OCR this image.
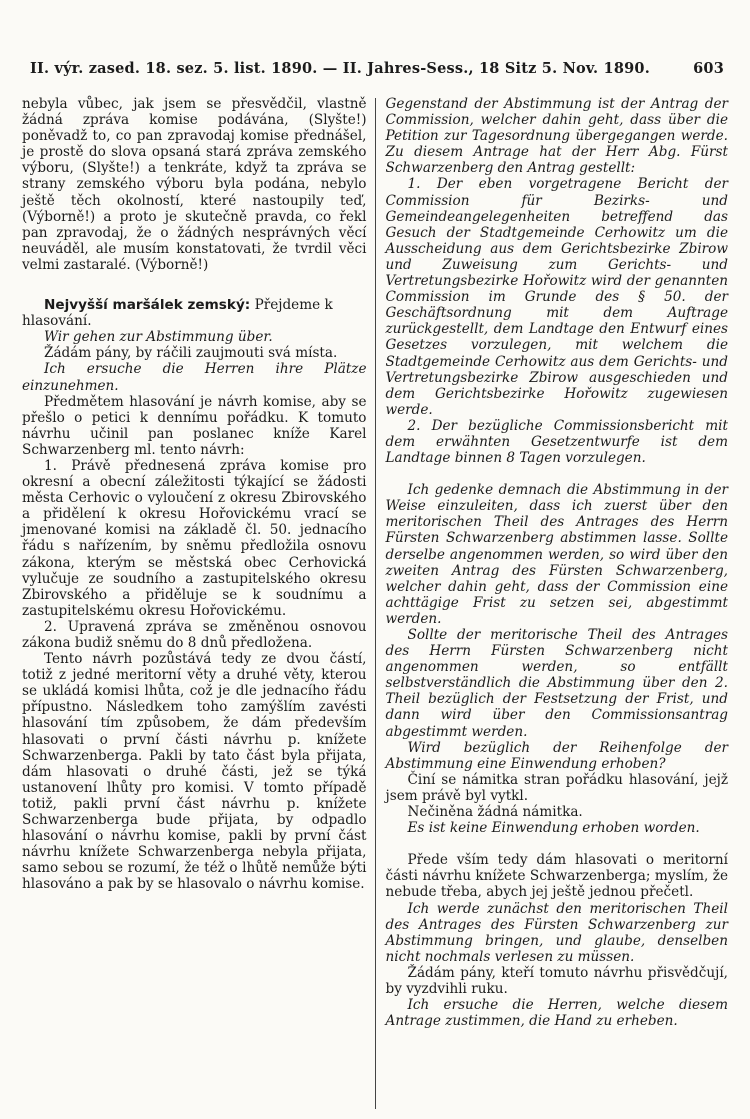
II. výr. zased. 18. sez. 5. list. 1890. — II. Jahres-Sess., 18 Sitz 5. Nov. 1890.	603

nebyla vůbec, jak jsem se přesvědčil, vlastně žádná zpráva komise podávána, (Slyšte!) poněvadž to, co pan zpravodaj komise přednášel, je prostě do slova opsaná stará zpráva zemského výboru, (Slyšte!) a tenkráte, když ta zpráva se strany zemského výboru byla podána, nebylo ještě těch okolností, které nastoupily teď, (Výborně!) a proto je skutečně pravda, co řekl pan zpravodaj, že o žádných nesprávných věcí neuváděl, ale musím konstatovati, že tvrdil věci velmi zastaralé. (Výborně!)

Nejvyšší maršálek zemský: Přejdeme k hlasování.

Wir gehen zur Abstimmung über.

Žádám pány, by ráčili zaujmouti svá místa.

Ich ersuche die Herren ihre Plätze einzunehmen.

Předmětem hlasování je návrh komise, aby se přešlo o petici k dennímu pořádku. K tomuto návrhu učinil pan poslanec kníže Karel Schwarzenberg ml. tento návrh:

1. Právě přednesená zpráva komise pro okresní a obecní záležitosti týkající se žádosti města Cerhovic o vyloučení z okresu Zbirovského a přidělení k okresu Hořovickému vrací se jmenované komisi na základě čl. 50. jednacího řádu s nařízením, by sněmu předložila osnovu zákona, kterým se městská obec Cerhovická vylučuje ze soudního a zastupitelského okresu Zbirovského a přiděluje se k soudnímu a zastupitelskému okresu Hořovickému.

2. Upravená zpráva se změněnou osnovou zákona budiž sněmu do 8 dnů předložena.

Tento návrh pozůstává tedy ze dvou částí, totiž z jedné meritorní věty a druhé věty, kterou se ukládá komisi lhůta, což je dle jednacího řádu přípustno. Následkem toho zamýšlím zavésti hlasování tím způsobem, že dám především hlasovati o první části návrhu p. knížete Schwarzenberga. Pakli by tato část byla přijata, dám hlasovati o druhé části, jež se týká ustanovení lhůty pro komisi. V tomto případě totiž, pakli první část návrhu p. knížete Schwarzenberga bude přijata, by odpadlo hlasování o návrhu komise, pakli by první část návrhu knížete Schwarzenberga nebyla přijata, samo sebou se rozumí, že též o lhůtě nemůže býti hlasováno a pak by se hlasovalo o návrhu komise.

Gegenstand der Abstimmung ist der Antrag der Commission, welcher dahin geht, dass über die Petition zur Tagesordnung übergegangen werde. Zu diesem Antrage hat der Herr Abg. Fürst Schwarzenberg den Antrag gestellt:

1. Der eben vorgetragene Bericht der Commission für Bezirks- und Gemeindeangelegenheiten betreffend das Gesuch der Stadtgemeinde Cerhowitz um die Ausscheidung aus dem Gerichtsbezirke Zbirow und Zuweisung zum Gerichts- und Vertretungsbezirke Hořowitz wird der genannten Commission im Grunde des § 50. der Geschäftsordnung mit dem Auftrage zurückgestellt, dem Landtage den Entwurf eines Gesetzes vorzulegen, mit welchem die Stadtgemeinde Cerhowitz aus dem Gerichts- und Vertretungsbezirke Zbirow ausgeschieden und dem Gerichtsbezirke Hořowitz zugewiesen werde.

2. Der bezügliche Commissionsbericht mit dem erwähnten Gesetzentwurfe ist dem Landtage binnen 8 Tagen vorzulegen.

Ich gedenke demnach die Abstimmung in der Weise einzuleiten, dass ich zuerst über den meritorischen Theil des Antrages des Herrn Fürsten Schwarzenberg abstimmen lasse. Sollte derselbe angenommen werden, so wird über den zweiten Antrag des Fürsten Schwarzenberg, welcher dahin geht, dass der Commission eine achttägige Frist zu setzen sei, abgestimmt werden.

Sollte der meritorische Theil des Antrages des Herrn Fürsten Schwarzenberg nicht angenommen werden, so entfällt selbstverständlich die Abstimmung über den 2. Theil bezüglich der Festsetzung der Frist, und dann wird über den Commissionsantrag abgestimmt werden.

Wird bezüglich der Reihenfolge der Abstimmung eine Einwendung erhoben?

Činí se námitka stran pořádku hlasování, jejž jsem právě byl vytkl.

Nečiněna žádná námitka.

Es ist keine Einwendung erhoben worden.

Přede vším tedy dám hlasovati o meritorní části návrhu knížete Schwarzenberga; myslím, že nebude třeba, abych jej ještě jednou přečetl.

Ich werde zunächst den meritorischen Theil des Antrages des Fürsten Schwarzenberg zur Abstimmung bringen, und glaube, denselben nicht nochmals verlesen zu müssen.

Žádám pány, kteří tomuto návrhu přisvědčují, by vyzdvihli ruku.

Ich ersuche die Herren, welche diesem Antrage zustimmen, die Hand zu erheben.
